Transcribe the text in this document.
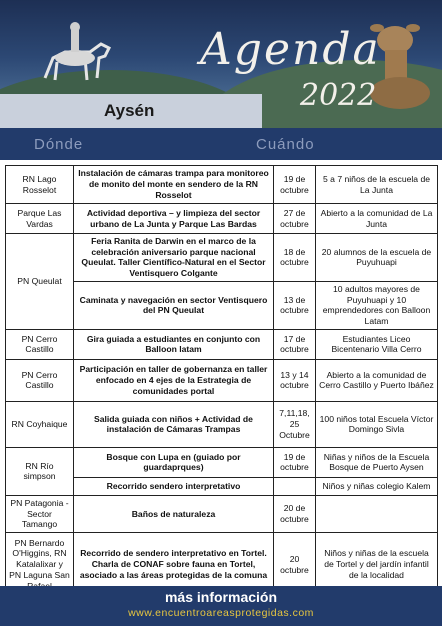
Agenda
2022
Aysén
Dónde	Cuándo
RN Lago Rosselot	Instalación de cámaras trampa para monitoreo de monito del monte en sendero de la RN Rosselot	19 de octubre	5 a 7 niños de la escuela de La Junta
Parque Las Vardas	Actividad deportiva – y limpieza del sector urbano de La Junta y Parque Las Bardas	27 de octubre	Abierto a la comunidad de La Junta
PN Queulat	Feria Ranita de Darwin en el marco de la celebración aniversario parque nacional Queulat. Taller Científico-Natural en el Sector Ventisquero Colgante	18 de octubre	20 alumnos de la escuela de Puyuhuapi
	Caminata y navegación en sector Ventisquero del PN Queulat	13 de octubre	10 adultos mayores de Puyuhuapi y 10 emprendedores con Balloon Latam
PN Cerro Castillo	Gira guiada a estudiantes en conjunto con Balloon latam	17 de octubre	Estudiantes Liceo Bicentenario Villa Cerro
PN Cerro Castillo	Participación en taller de gobernanza en taller enfocado en 4 ejes de la Estrategia de comunidades portal	13 y 14 octubre	Abierto a la comunidad de Cerro Castillo y Puerto Ibáñez
RN Coyhaique	Salida guiada con niños + Actividad de instalación de Cámaras Trampas	7,11,18, 25 Octubre	100 niños total Escuela Víctor Domingo Sivla
RN Río simpson	Bosque con Lupa en (guiado por guardaprques)	19 de octubre	Niñas y niños de la Escuela Bosque de Puerto Aysen
	Recorrido sendero interpretativo		Niños y niñas colegio Kalem
PN Patagonia - Sector Tamango	Baños de naturaleza	20 de octubre	
PN Bernardo O'Higgins, RN Katalalixar y PN Laguna San	Recorrido de sendero interpretativo en Tortel. Charla de CONAF sobre fauna en Tortel, asociado a las áreas protegidas de la comuna	20 octubre	Niños y niñas de la escuela de Tortel y del jardín infantil de la localidad
más información
www.encuentroareasprotegidas.com
